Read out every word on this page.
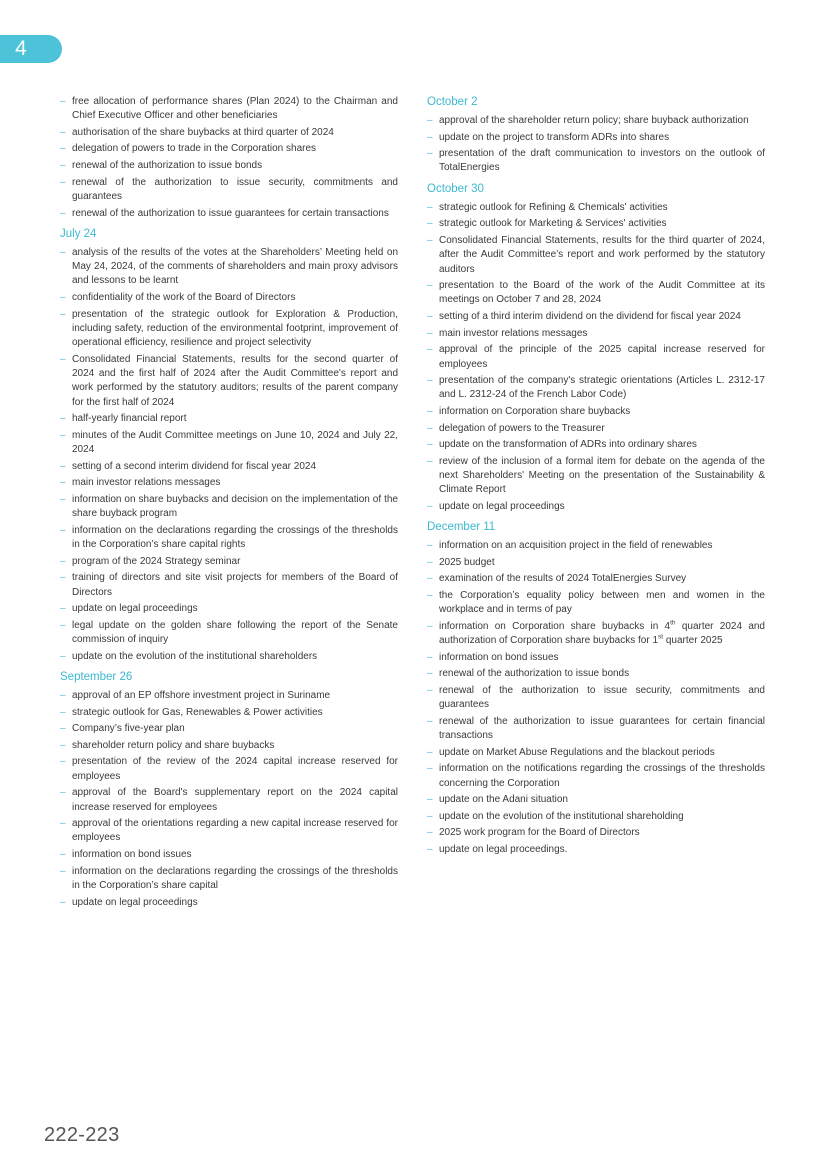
4
– free allocation of performance shares (Plan 2024) to the Chairman and Chief Executive Officer and other beneficiaries
– authorisation of the share buybacks at third quarter of 2024
– delegation of powers to trade in the Corporation shares
– renewal of the authorization to issue bonds
– renewal of the authorization to issue security, commitments and guarantees
– renewal of the authorization to issue guarantees for certain transactions
July 24
– analysis of the results of the votes at the Shareholders’ Meeting held on May 24, 2024, of the comments of shareholders and main proxy advisors and lessons to be learnt
– confidentiality of the work of the Board of Directors
– presentation of the strategic outlook for Exploration & Production, including safety, reduction of the environmental footprint, improvement of operational efficiency, resilience and project selectivity
– Consolidated Financial Statements, results for the second quarter of 2024 and the first half of 2024 after the Audit Committee's report and work performed by the statutory auditors; results of the parent company for the first half of 2024
– half-yearly financial report
– minutes of the Audit Committee meetings on June 10, 2024 and July 22, 2024
– setting of a second interim dividend for fiscal year 2024
– main investor relations messages
– information on share buybacks and decision on the implementation of the share buyback program
– information on the declarations regarding the crossings of the thresholds in the Corporation’s share capital rights
– program of the 2024 Strategy seminar
– training of directors and site visit projects for members of the Board of Directors
– update on legal proceedings
– legal update on the golden share following the report of the Senate commission of inquiry
– update on the evolution of the institutional shareholders
September 26
– approval of an EP offshore investment project in Suriname
– strategic outlook for Gas, Renewables & Power activities
– Company’s five-year plan
– shareholder return policy and share buybacks
– presentation of the review of the 2024 capital increase reserved for employees
– approval of the Board's supplementary report on the 2024 capital increase reserved for employees
– approval of the orientations regarding a new capital increase reserved for employees
– information on bond issues
– information on the declarations regarding the crossings of the thresholds in the Corporation’s share capital
– update on legal proceedings
October 2
– approval of the shareholder return policy; share buyback authorization
– update on the project to transform ADRs into shares
– presentation of the draft communication to investors on the outlook of TotalEnergies
October 30
– strategic outlook for Refining & Chemicals' activities
– strategic outlook for Marketing & Services' activities
– Consolidated Financial Statements, results for the third quarter of 2024, after the Audit Committee’s report and work performed by the statutory auditors
– presentation to the Board of the work of the Audit Committee at its meetings on October 7 and 28, 2024
– setting of a third interim dividend on the dividend for fiscal year 2024
– main investor relations messages
– approval of the principle of the 2025 capital increase reserved for employees
– presentation of the company's strategic orientations (Articles L. 2312-17 and L. 2312-24 of the French Labor Code)
– information on Corporation share buybacks
– delegation of powers to the Treasurer
– update on the transformation of ADRs into ordinary shares
– review of the inclusion of a formal item for debate on the agenda of the next Shareholders' Meeting on the presentation of the Sustainability & Climate Report
– update on legal proceedings
December 11
– information on an acquisition project in the field of renewables
– 2025 budget
– examination of the results of 2024 TotalEnergies Survey
– the Corporation’s equality policy between men and women in the workplace and in terms of pay
– information on Corporation share buybacks in 4th quarter 2024 and authorization of Corporation share buybacks for 1st quarter 2025
– information on bond issues
– renewal of the authorization to issue bonds
– renewal of the authorization to issue security, commitments and guarantees
– renewal of the authorization to issue guarantees for certain financial transactions
– update on Market Abuse Regulations and the blackout periods
– information on the notifications regarding the crossings of the thresholds concerning the Corporation
– update on the Adani situation
– update on the evolution of the institutional shareholding
– 2025 work program for the Board of Directors
– update on legal proceedings.
222-223
